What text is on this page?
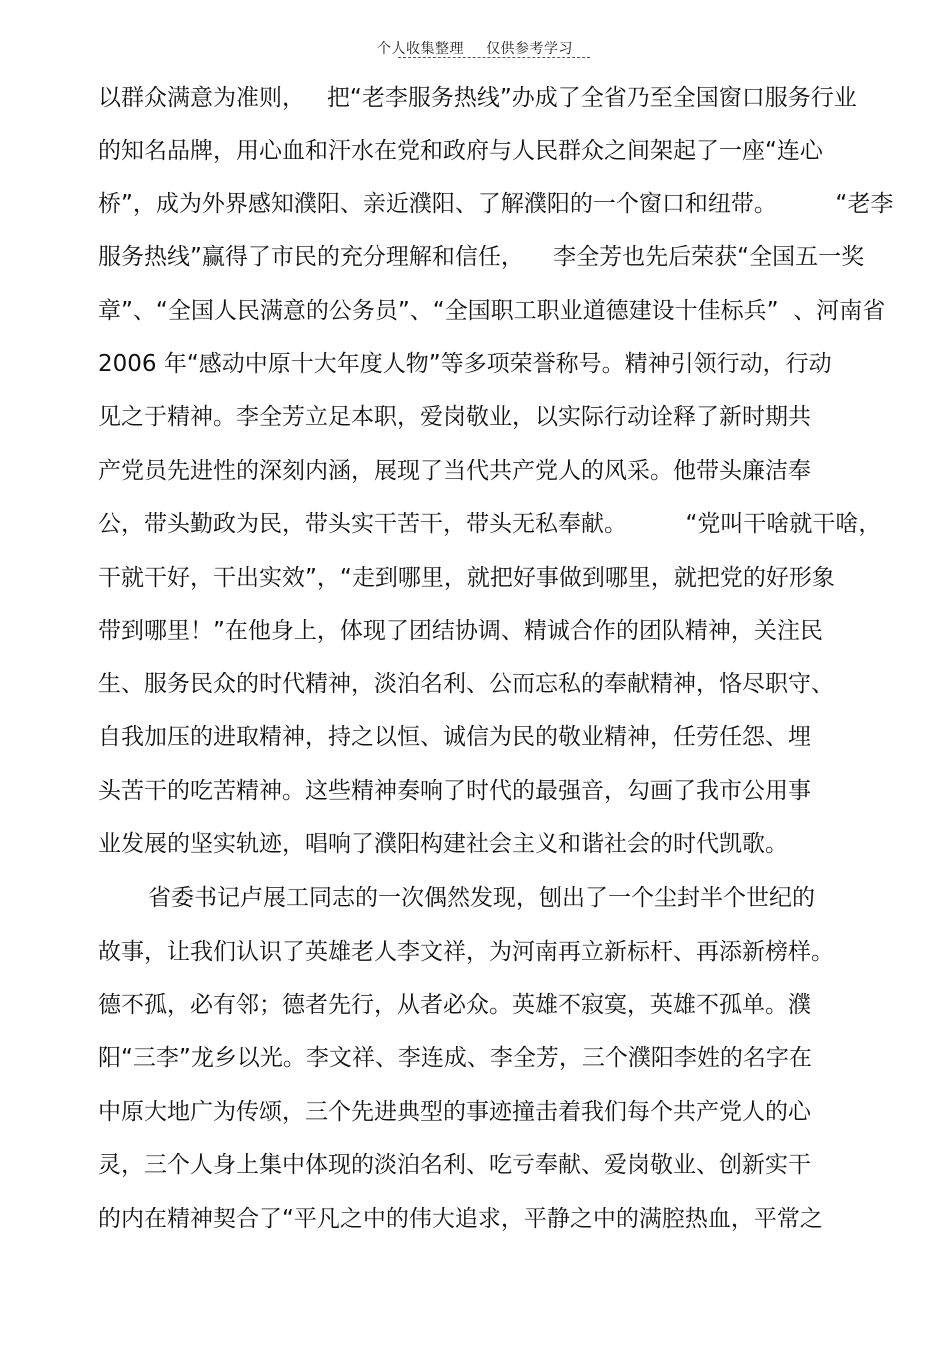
个人收集整理 仅供参考学习
以群众满意为准则，   把“老李服务热线”办成了全省乃至全国窗口服务行业
的知名品牌，用心血和汗水在党和政府与人民群众之间架起了一座“连心
桥”，成为外界感知濮阳、亲近濮阳、了解濮阳的一个窗口和纽带。        “老李
服务热线”赢得了市民的充分理解和信任，    李全芳也先后荣获“全国五一奖
章”、“全国人民满意的公务员”、“全国职工职业道德建设十佳标兵”  、河南省
2006 年“感动中原十大年度人物”等多项荣誉称号。精神引领行动，行动
见之于精神。李全芳立足本职，爱岗敬业，以实际行动诠释了新时期共
产党员先进性的深刻内涵，展现了当代共产党人的风采。他带头廉洁奉
公，带头勤政为民，带头实干苦干，带头无私奉献。        “党叫干啥就干啥，
干就干好，干出实效”，“走到哪里，就把好事做到哪里，就把党的好形象
带到哪里！”在他身上，体现了团结协调、精诚合作的团队精神，关注民
生、服务民众的时代精神，淡泊名利、公而忘私的奉献精神，恪尽职守、
自我加压的进取精神，持之以恒、诚信为民的敬业精神，任劳任怨、埋
头苦干的吃苦精神。这些精神奏响了时代的最强音，勾画了我市公用事
业发展的坚实轨迹，唱响了濮阳构建社会主义和谐社会的时代凯歌。
省委书记卢展工同志的一次偶然发现，刨出了一个尘封半个世纪的
故事，让我们认识了英雄老人李文祥，为河南再立新标杆、再添新榜样。
德不孤，必有邻；德者先行，从者必众。英雄不寂寞，英雄不孤单。濮
阳“三李”龙乡以光。李文祥、李连成、李全芳，三个濮阳李姓的名字在
中原大地广为传颂，三个先进典型的事迹撞击着我们每个共产党人的心
灵，三个人身上集中体现的淡泊名利、吃亏奉献、爱岗敬业、创新实干
的内在精神契合了“平凡之中的伟大追求，平静之中的满腔热血，平常之
